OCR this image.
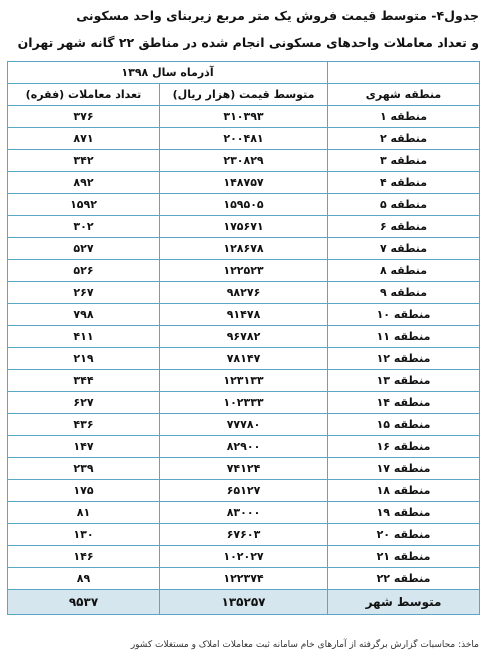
جدول۴- متوسط قیمت فروش یک متر مربع زیربنای واحد مسکونی
و تعداد معاملات واحدهای مسکونی انجام شده در مناطق ۲۲ گانه شهر تهران
	آذرماه سال ۱۳۹۸	
منطقه شهری	متوسط قیمت (هزار ریال)	تعداد معاملات (فقره)
منطقه ۱	۳۱۰۳۹۳	۳۷۶
منطقه ۲	۲۰۰۴۸۱	۸۷۱
منطقه ۳	۲۳۰۸۲۹	۳۴۲
منطقه ۴	۱۴۸۷۵۷	۸۹۲
منطقه ۵	۱۵۹۵۰۵	۱۵۹۲
منطقه ۶	۱۷۵۶۷۱	۳۰۲
منطقه ۷	۱۲۸۶۷۸	۵۲۷
منطقه ۸	۱۲۲۵۲۳	۵۲۶
منطقه ۹	۹۸۲۷۶	۲۶۷
منطقه ۱۰	۹۱۴۷۸	۷۹۸
منطقه ۱۱	۹۶۷۸۲	۴۱۱
منطقه ۱۲	۷۸۱۴۷	۲۱۹
منطقه ۱۳	۱۲۳۱۳۳	۳۴۴
منطقه ۱۴	۱۰۲۳۳۳	۶۲۷
منطقه ۱۵	۷۷۷۸۰	۴۳۶
منطقه ۱۶	۸۲۹۰۰	۱۴۷
منطقه ۱۷	۷۴۱۲۴	۲۳۹
منطقه ۱۸	۶۵۱۲۷	۱۷۵
منطقه ۱۹	۸۳۰۰۰	۸۱
منطقه ۲۰	۶۷۶۰۳	۱۳۰
منطقه ۲۱	۱۰۲۰۲۷	۱۴۶
منطقه ۲۲	۱۲۲۳۷۴	۸۹
متوسط شهر	۱۳۵۲۵۷	۹۵۳۷
ماخذ: محاسبات گزارش برگرفته از آمارهای خام سامانه ثبت معاملات املاک و مستغلات کشور
